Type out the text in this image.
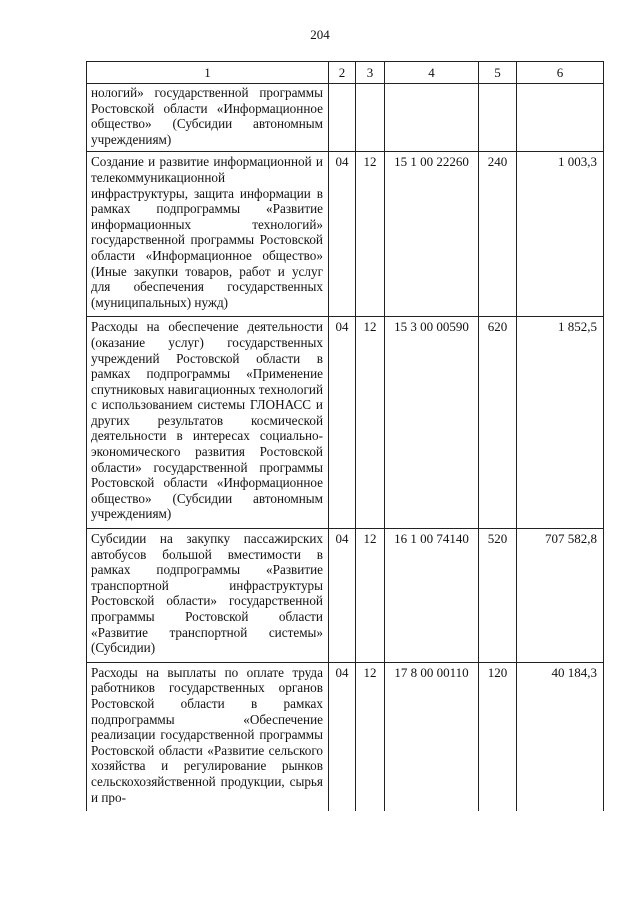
204
1	2	3	4	5	6
нологий» государственной программы Ростовской области «Информационное общество» (Субсидии автономным учреждениям)					
Создание и развитие информационной и телекоммуникационной инфраструктуры, защита информации в рамках подпрограммы «Развитие информационных технологий» государственной программы Ростовской области «Информационное общество» (Иные закупки товаров, работ и услуг для обеспечения государственных (муниципальных) нужд)	04	12	15 1 00 22260	240	1 003,3
Расходы на обеспечение деятельности (оказание услуг) государственных учреждений Ростовской области в рамках подпрограммы «Применение спутниковых навигационных технологий с использованием системы ГЛОНАСС и других результатов космической деятельности в интересах социально-экономического развития Ростовской области» государственной программы Ростовской области «Информационное общество» (Субсидии автономным учреждениям)	04	12	15 3 00 00590	620	1 852,5
Субсидии на закупку пассажирских автобусов большой вместимости в рамках подпрограммы «Развитие транспортной инфраструктуры Ростовской области» государственной программы Ростовской области «Развитие транспортной системы» (Субсидии)	04	12	16 1 00 74140	520	707 582,8
Расходы на выплаты по оплате труда работников государственных органов Ростовской области в рамках подпрограммы «Обеспечение реализации государственной программы Ростовской области «Развитие сельского хозяйства и регулирование рынков сельскохозяйственной продукции, сырья и про-	04	12	17 8 00 00110	120	40 184,3
